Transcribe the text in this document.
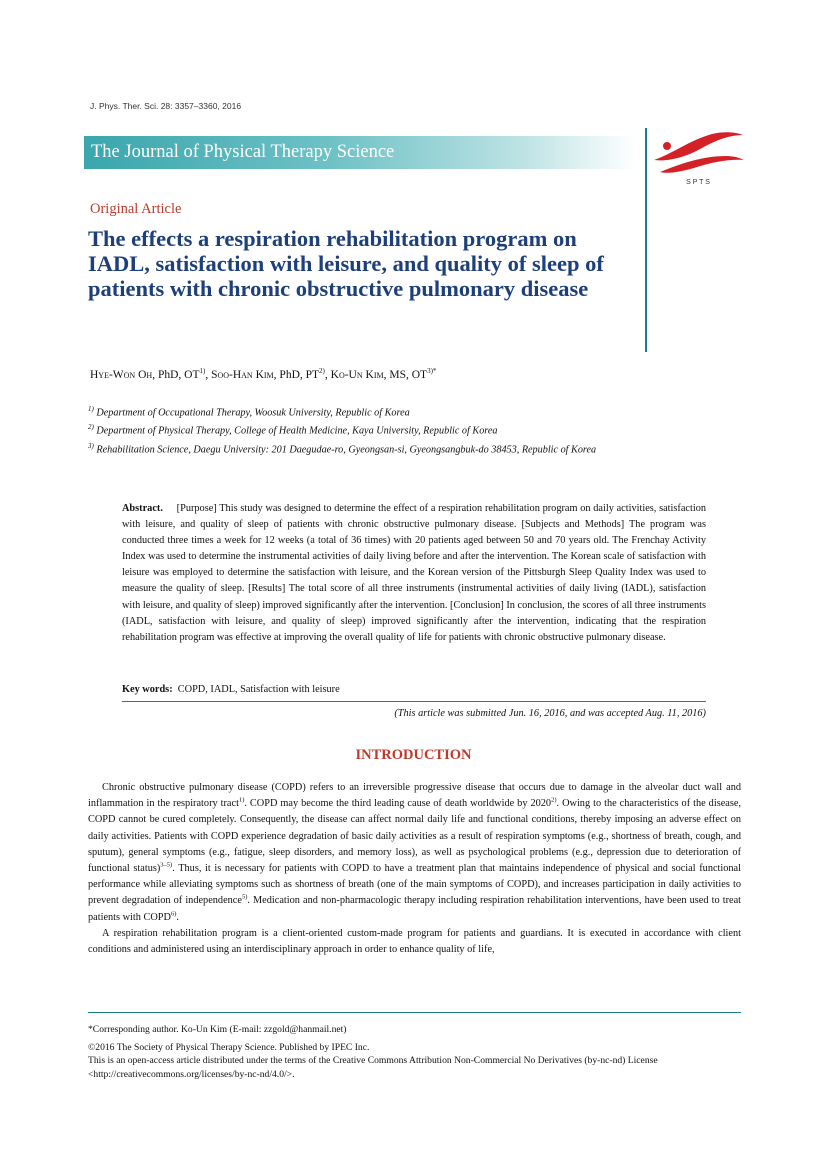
J. Phys. Ther. Sci. 28: 3357–3360, 2016
The Journal of Physical Therapy Science
S P T S
Original Article
The effects a respiration rehabilitation program on IADL, satisfaction with leisure, and quality of sleep of patients with chronic obstructive pulmonary disease
Hye-Won Oh, PhD, OT$^{1)}$, Soo-Han Kim, PhD, PT$^{2)}$, Ko-Un Kim, MS, $OT^{3)*}$
$^{1)}$ Department of Occupational Therapy, Woosuk University, Republic of Korea
$^{2)}$ Department of Physical Therapy, College of Health Medicine, Kaya University, Republic of Korea
$^{3)}$ Rehabilitation Science, Daegu University: 201 Daegudae-ro, Gyeongsan-si, Gyeongsangbuk-do 38453, Republic of Korea
Abstract. [Purpose] This study was designed to determine the effect of a respiration rehabilitation program on daily activities, satisfaction with leisure, and quality of sleep of patients with chronic obstructive pulmonary disease. [Subjects and Methods] The program was conducted three times a week for 12 weeks (a total of 36 times) with 20 patients aged between 50 and 70 years old. The Frenchay Activity Index was used to determine the instrumental activities of daily living before and after the intervention. The Korean scale of satisfaction with leisure was employed to determine the satisfaction with leisure, and the Korean version of the Pittsburgh Sleep Quality Index was used to measure the quality of sleep. [Results] The total score of all three instruments (instrumental activities of daily living (IADL), satisfaction with leisure, and quality of sleep) improved significantly after the intervention. [Conclusion] In conclusion, the scores of all three instruments (IADL, satisfaction with leisure, and quality of sleep) improved significantly after the intervention, indicating that the respiration rehabilitation program was effective at improving the overall quality of life for patients with chronic obstructive pulmonary disease.
Key words: COPD, IADL, Satisfaction with leisure
(This article was submitted Jun. 16, 2016, and was accepted Aug. 11, 2016)
INTRODUCTION

Chronic obstructive pulmonary disease (COPD) refers to an irreversible progressive disease that occurs due to damage in the alveolar duct wall and inflammation in the respiratory tract$^{1)}$. COPD may become the third leading cause of death worldwide by 2020$^{2)}$. Owing to the characteristics of the disease, COPD cannot be cured completely. Consequently, the disease can affect normal daily life and functional conditions, thereby imposing an adverse effect on daily activities. Patients with COPD experience degradation of basic daily activities as a result of respiration symptoms (e.g., shortness of breath, cough, and sputum), general symptoms (e.g., fatigue, sleep disorders, and memory loss), as well as psychological problems (e.g., depression due to deterioration of functional status)$^{3-5)}$. Thus, it is necessary for patients with COPD to have a treatment plan that maintains independence of physical and social functional performance while alleviating symptoms such as shortness of breath (one of the main symptoms of COPD), and increases participation in daily activities to prevent degradation of independence$^{5)}$. Medication and non-pharmacologic therapy including respiration rehabilitation interventions, have been used to treat patients with COPD$^{6)}$.

A respiration rehabilitation program is a client-oriented custom-made program for patients and guardians. It is executed in accordance with client conditions and administered using an interdisciplinary approach in order to enhance quality of life,

*Corresponding author. Ko-Un Kim (E-mail: zzgold@hanmail.net)
©2016 The Society of Physical Therapy Science. Published by IPEC Inc.
This is an open-access article distributed under the terms of the Creative Commons Attribution Non-Commercial No Derivatives (by-nc-nd) License <http://creativecommons.org/licenses/by-nc-nd/4.0/>.
